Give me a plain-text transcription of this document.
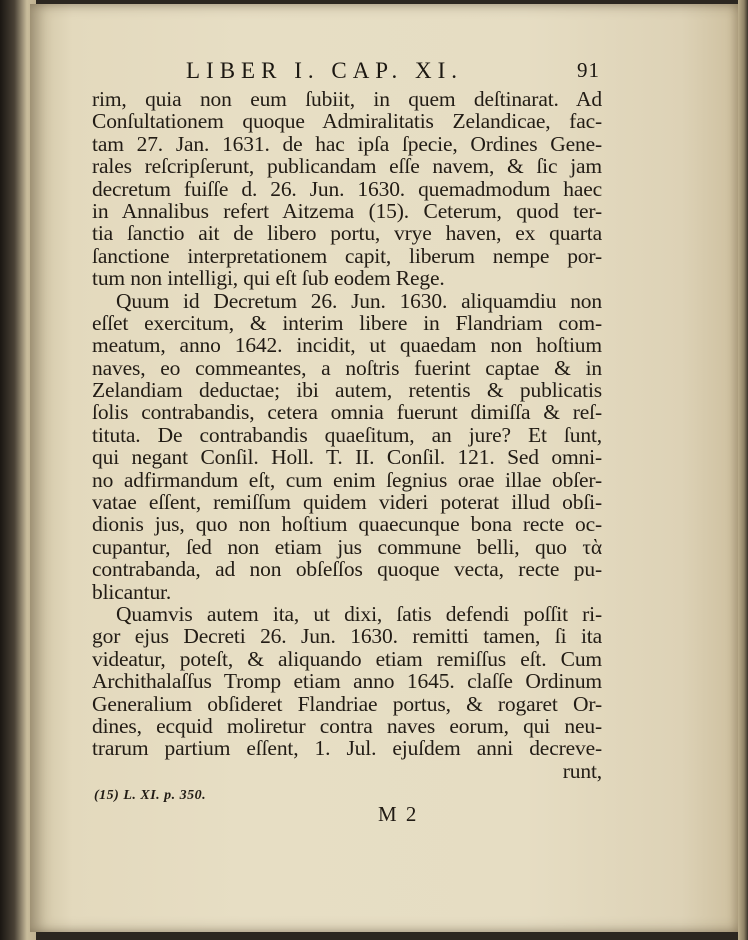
LIBER I. CAP. XI.	91
rim, quia non eum ſubiit, in quem deſtinarat. Ad
Conſultationem quoque Admiralitatis Zelandicae, fac-
tam 27. Jan. 1631. de hac ipſa ſpecie, Ordines Gene-
rales reſcripſerunt, publicandam eſſe navem, & ſic jam
decretum fuiſſe d. 26. Jun. 1630. quemadmodum haec
in Annalibus refert Aitzema (15). Ceterum, quod ter-
tia ſanctio ait de libero portu, vrye haven, ex quarta
ſanctione interpretationem capit, liberum nempe por-
tum non intelligi, qui eſt ſub eodem Rege.
Quum id Decretum 26. Jun. 1630. aliquamdiu non
eſſet exercitum, & interim libere in Flandriam com-
meatum, anno 1642. incidit, ut quaedam non hoſtium
naves, eo commeantes, a noſtris fuerint captae & in
Zelandiam deductae; ibi autem, retentis & publicatis
ſolis contrabandis, cetera omnia fuerunt dimiſſa & reſ-
tituta. De contrabandis quaeſitum, an jure? Et ſunt,
qui negant Conſil. Holl. T. II. Conſil. 121. Sed omni-
no adfirmandum eſt, cum enim ſegnius orae illae obſer-
vatae eſſent, remiſſum quidem videri poterat illud obſi-
dionis jus, quo non hoſtium quaecunque bona recte oc-
cupantur, ſed non etiam jus commune belli, quo τὰ
contrabanda, ad non obſeſſos quoque vecta, recte pu-
blicantur.
Quamvis autem ita, ut dixi, ſatis defendi poſſit ri-
gor ejus Decreti 26. Jun. 1630. remitti tamen, ſi ita
videatur, poteſt, & aliquando etiam remiſſus eſt. Cum
Archithalaſſus Tromp etiam anno 1645. claſſe Ordinum
Generalium obſideret Flandriae portus, & rogaret Or-
dines, ecquid moliretur contra naves eorum, qui neu-
trarum partium eſſent, 1. Jul. ejuſdem anni decreve-
runt,
(15) L. XI. p. 350.
M 2
